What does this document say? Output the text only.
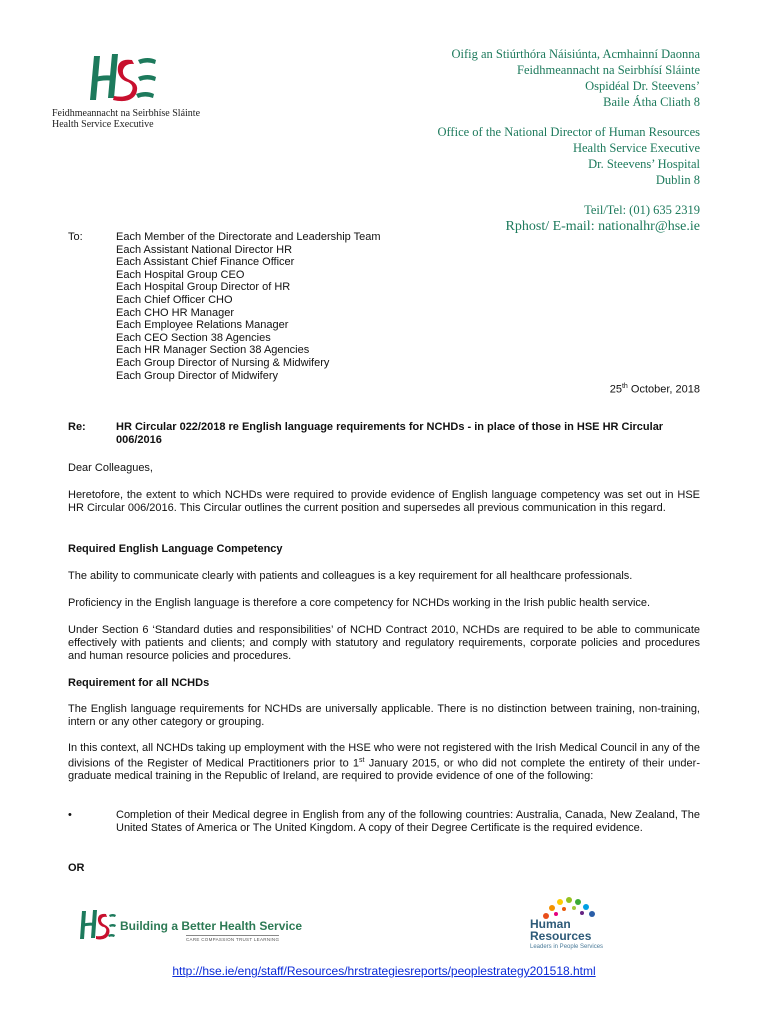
Feidhmeannacht na Seirbhíse Sláinte
Health Service Executive
Oifig an Stiúrthóra Náisiúnta, Acmhainní Daonna
Feidhmeannacht na Seirbhísí Sláinte
Ospidéal Dr. Steevens’
Baile Átha Cliath 8
Office of the National Director of Human Resources
Health Service Executive
Dr. Steevens’ Hospital
Dublin 8
Teil/Tel: (01) 635 2319
Rphost/ E-mail: nationalhr@hse.ie
To:	Each Member of the Directorate and Leadership Team
Each Assistant National Director HR
Each Assistant Chief Finance Officer
Each Hospital Group CEO
Each Hospital Group Director of HR
Each Chief Officer CHO
Each CHO HR Manager
Each Employee Relations Manager
Each CEO Section 38 Agencies
Each HR Manager Section 38 Agencies
Each Group Director of Nursing & Midwifery
Each Group Director of Midwifery
25th October, 2018
Re:	HR Circular 022/2018 re English language requirements for NCHDs - in place of those in HSE HR Circular 006/2016
Dear Colleagues,
Heretofore, the extent to which NCHDs were required to provide evidence of English language competency was set out in HSE HR Circular 006/2016. This Circular outlines the current position and supersedes all previous communication in this regard.
Required English Language Competency
The ability to communicate clearly with patients and colleagues is a key requirement for all healthcare professionals.
Proficiency in the English language is therefore a core competency for NCHDs working in the Irish public health service.
Under Section 6 ‘Standard duties and responsibilities’ of NCHD Contract 2010, NCHDs are required to be able to communicate effectively with patients and clients; and comply with statutory and regulatory requirements, corporate policies and procedures and human resource policies and procedures.
Requirement for all NCHDs
The English language requirements for NCHDs are universally applicable. There is no distinction between training, non-training, intern or any other category or grouping.
In this context, all NCHDs taking up employment with the HSE who were not registered with the Irish Medical Council in any of the divisions of the Register of Medical Practitioners prior to 1st January 2015, or who did not complete the entirety of their under-graduate medical training in the Republic of Ireland, are required to provide evidence of one of the following:
•	Completion of their Medical degree in English from any of the following countries: Australia, Canada, New Zealand, The United States of America or The United Kingdom. A copy of their Degree Certificate is the required evidence.
OR
Building a Better Health Service
CARE COMPASSION TRUST LEARNING
Human
Resources
Leaders in People Services
http://hse.ie/eng/staff/Resources/hrstrategiesreports/peoplestrategy201518.html
